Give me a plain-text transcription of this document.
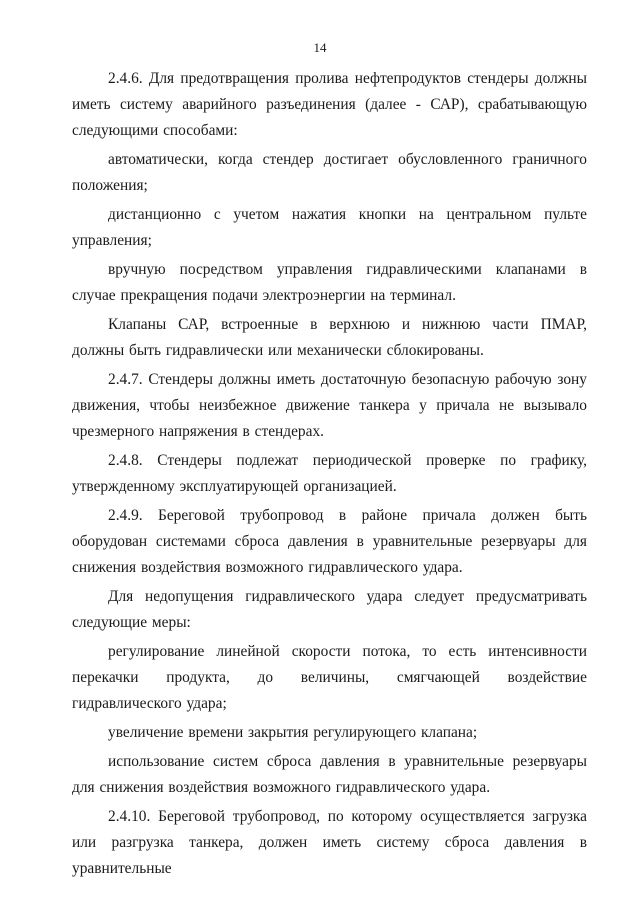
14

2.4.6. Для предотвращения пролива нефтепродуктов стендеры должны иметь систему аварийного разъединения (далее - САР), срабатывающую следующими способами:

автоматически, когда стендер достигает обусловленного граничного положения;

дистанционно с учетом нажатия кнопки на центральном пульте управления;

вручную посредством управления гидравлическими клапанами в случае прекращения подачи электроэнергии на терминал.

Клапаны САР, встроенные в верхнюю и нижнюю части ПМАР, должны быть гидравлически или механически сблокированы.

2.4.7. Стендеры должны иметь достаточную безопасную рабочую зону движения, чтобы неизбежное движение танкера у причала не вызывало чрезмерного напряжения в стендерах.

2.4.8. Стендеры подлежат периодической проверке по графику, утвержденному эксплуатирующей организацией.

2.4.9. Береговой трубопровод в районе причала должен быть оборудован системами сброса давления в уравнительные резервуары для снижения воздействия возможного гидравлического удара.

Для недопущения гидравлического удара следует предусматривать следующие меры:

регулирование линейной скорости потока, то есть интенсивности перекачки продукта, до величины, смягчающей воздействие гидравлического удара;

увеличение времени закрытия регулирующего клапана;

использование систем сброса давления в уравнительные резервуары для снижения воздействия возможного гидравлического удара.

2.4.10. Береговой трубопровод, по которому осуществляется загрузка или разгрузка танкера, должен иметь систему сброса давления в уравнительные
